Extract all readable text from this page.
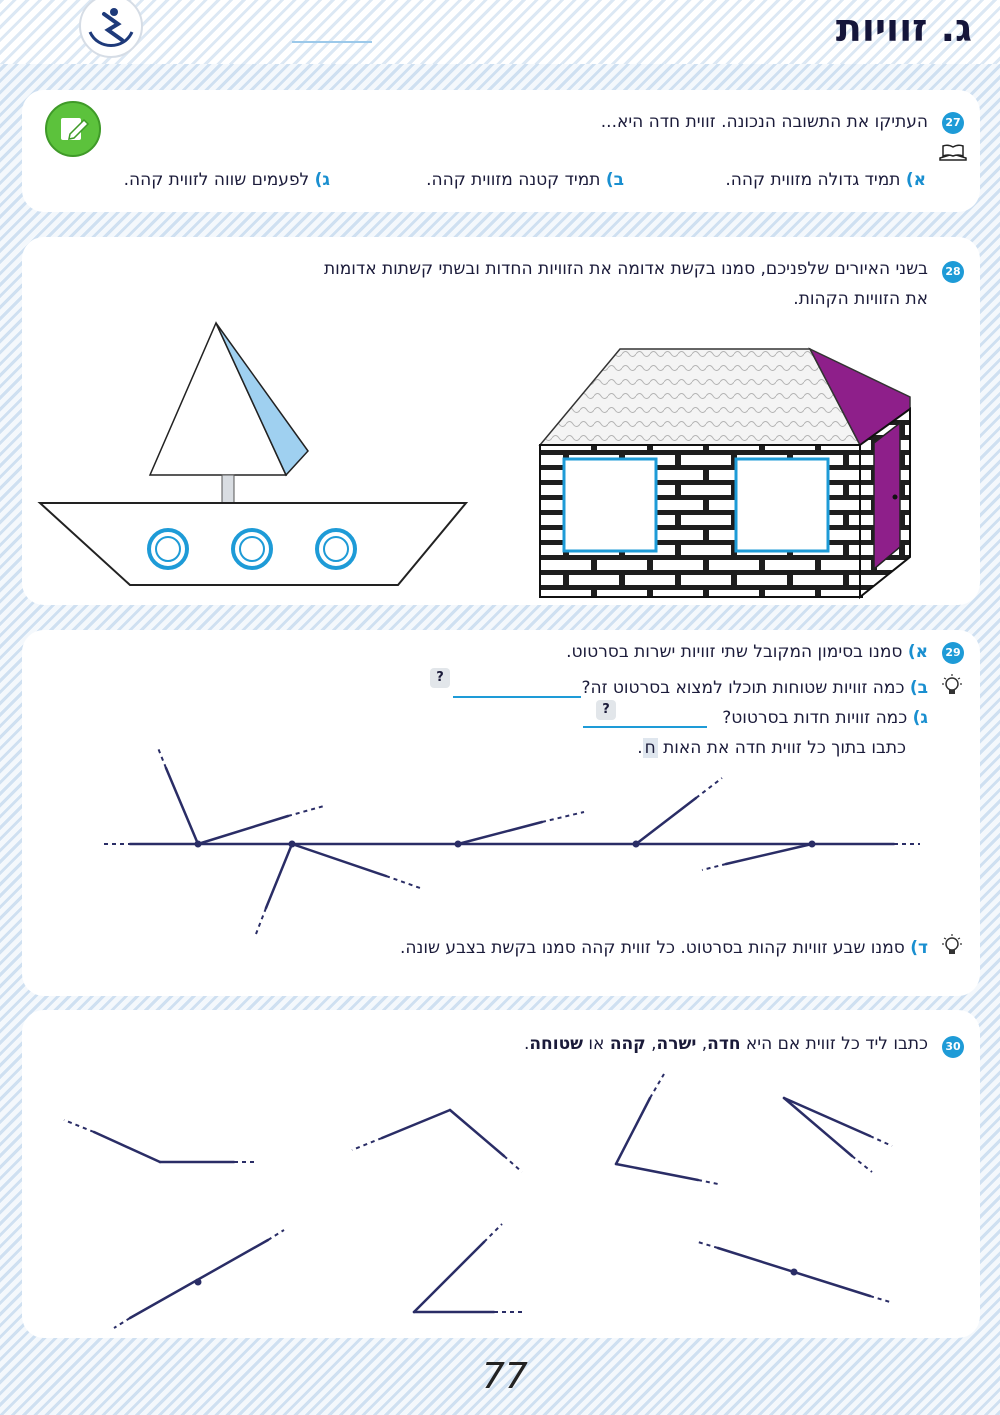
ג. זוויות
27
העתיקו את התשובה הנכונה. זווית חדה היא...
א) תמיד גדולה מזווית קהה.
ב) תמיד קטנה מזווית קהה.
ג) לפעמים שווה לזווית קהה.
28
בשני האיורים שלפניכם, סמנו בקשת אדומה את הזוויות החדות ובשתי קשתות אדומות
את הזוויות הקהות.
29
א) סמנו בסימון המקובל שתי זוויות ישרות בסרטוט.
ב) כמה זוויות שטוחות תוכלו למצוא בסרטוט זה?
?
ג) כמה זוויות חדות בסרטוט?
?
כתבו בתוך כל זווית חדה את האות ח.
ד) סמנו שבע זוויות קהות בסרטוט. כל זווית קהה סמנו בקשת בצבע שונה.
30
כתבו ליד כל זווית אם היא חדה, ישרה, קהה או שטוחה.
77
